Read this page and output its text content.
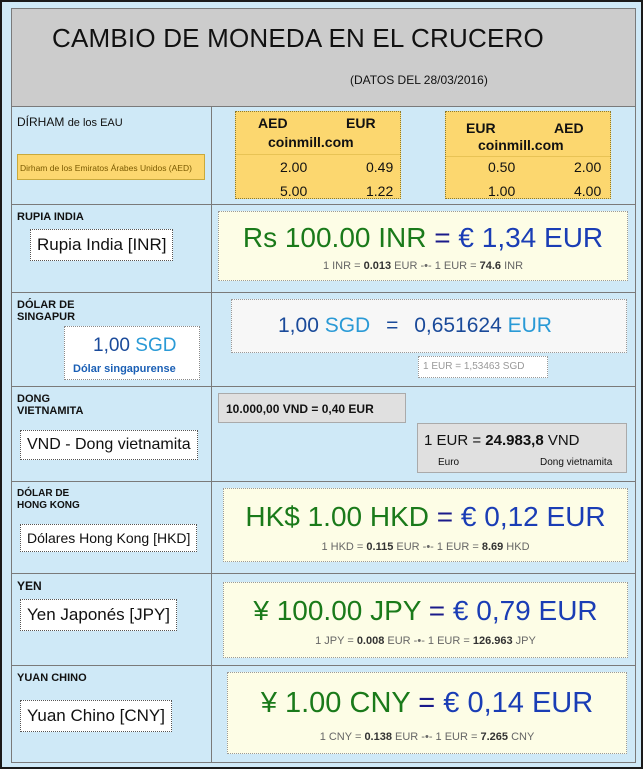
CAMBIO DE MONEDA EN EL CRUCERO
(DATOS DEL 28/03/2016)
DÍRHAM de los EAU
Dirham de los Emiratos Árabes Unidos (AED)
AED	EUR
coinmill.com
2.00	0.49
5.00	1.22
EUR	AED
coinmill.com
0.50	2.00
1.00	4.00
RUPIA INDIA
Rupia India [INR]	Rs 100.00 INR = € 1,34 EUR
1 INR = 0.013 EUR -•- 1 EUR = 74.6 INR
DÓLAR DE
SINGAPUR
1,00 SGD
Dólar singapurense
1,00 SGD = 0,651624 EUR
1 EUR = 1,53463 SGD
DONG
VIETNAMITA
VND - Dong vietnamita
10.000,00 VND = 0,40 EUR
1 EUR = 24.983,8 VND
Euro	Dong vietnamita
DÓLAR DE
HONG KONG
Dólares Hong Kong [HKD]
HK$ 1.00 HKD = € 0,12 EUR
1 HKD = 0.115 EUR -•- 1 EUR = 8.69 HKD
YEN
Yen Japonés [JPY]	¥ 100.00 JPY = € 0,79 EUR
1 JPY = 0.008 EUR -•- 1 EUR = 126.963 JPY
YUAN CHINO
Yuan Chino [CNY]	¥ 1.00 CNY = € 0,14 EUR
1 CNY = 0.138 EUR -•- 1 EUR = 7.265 CNY
